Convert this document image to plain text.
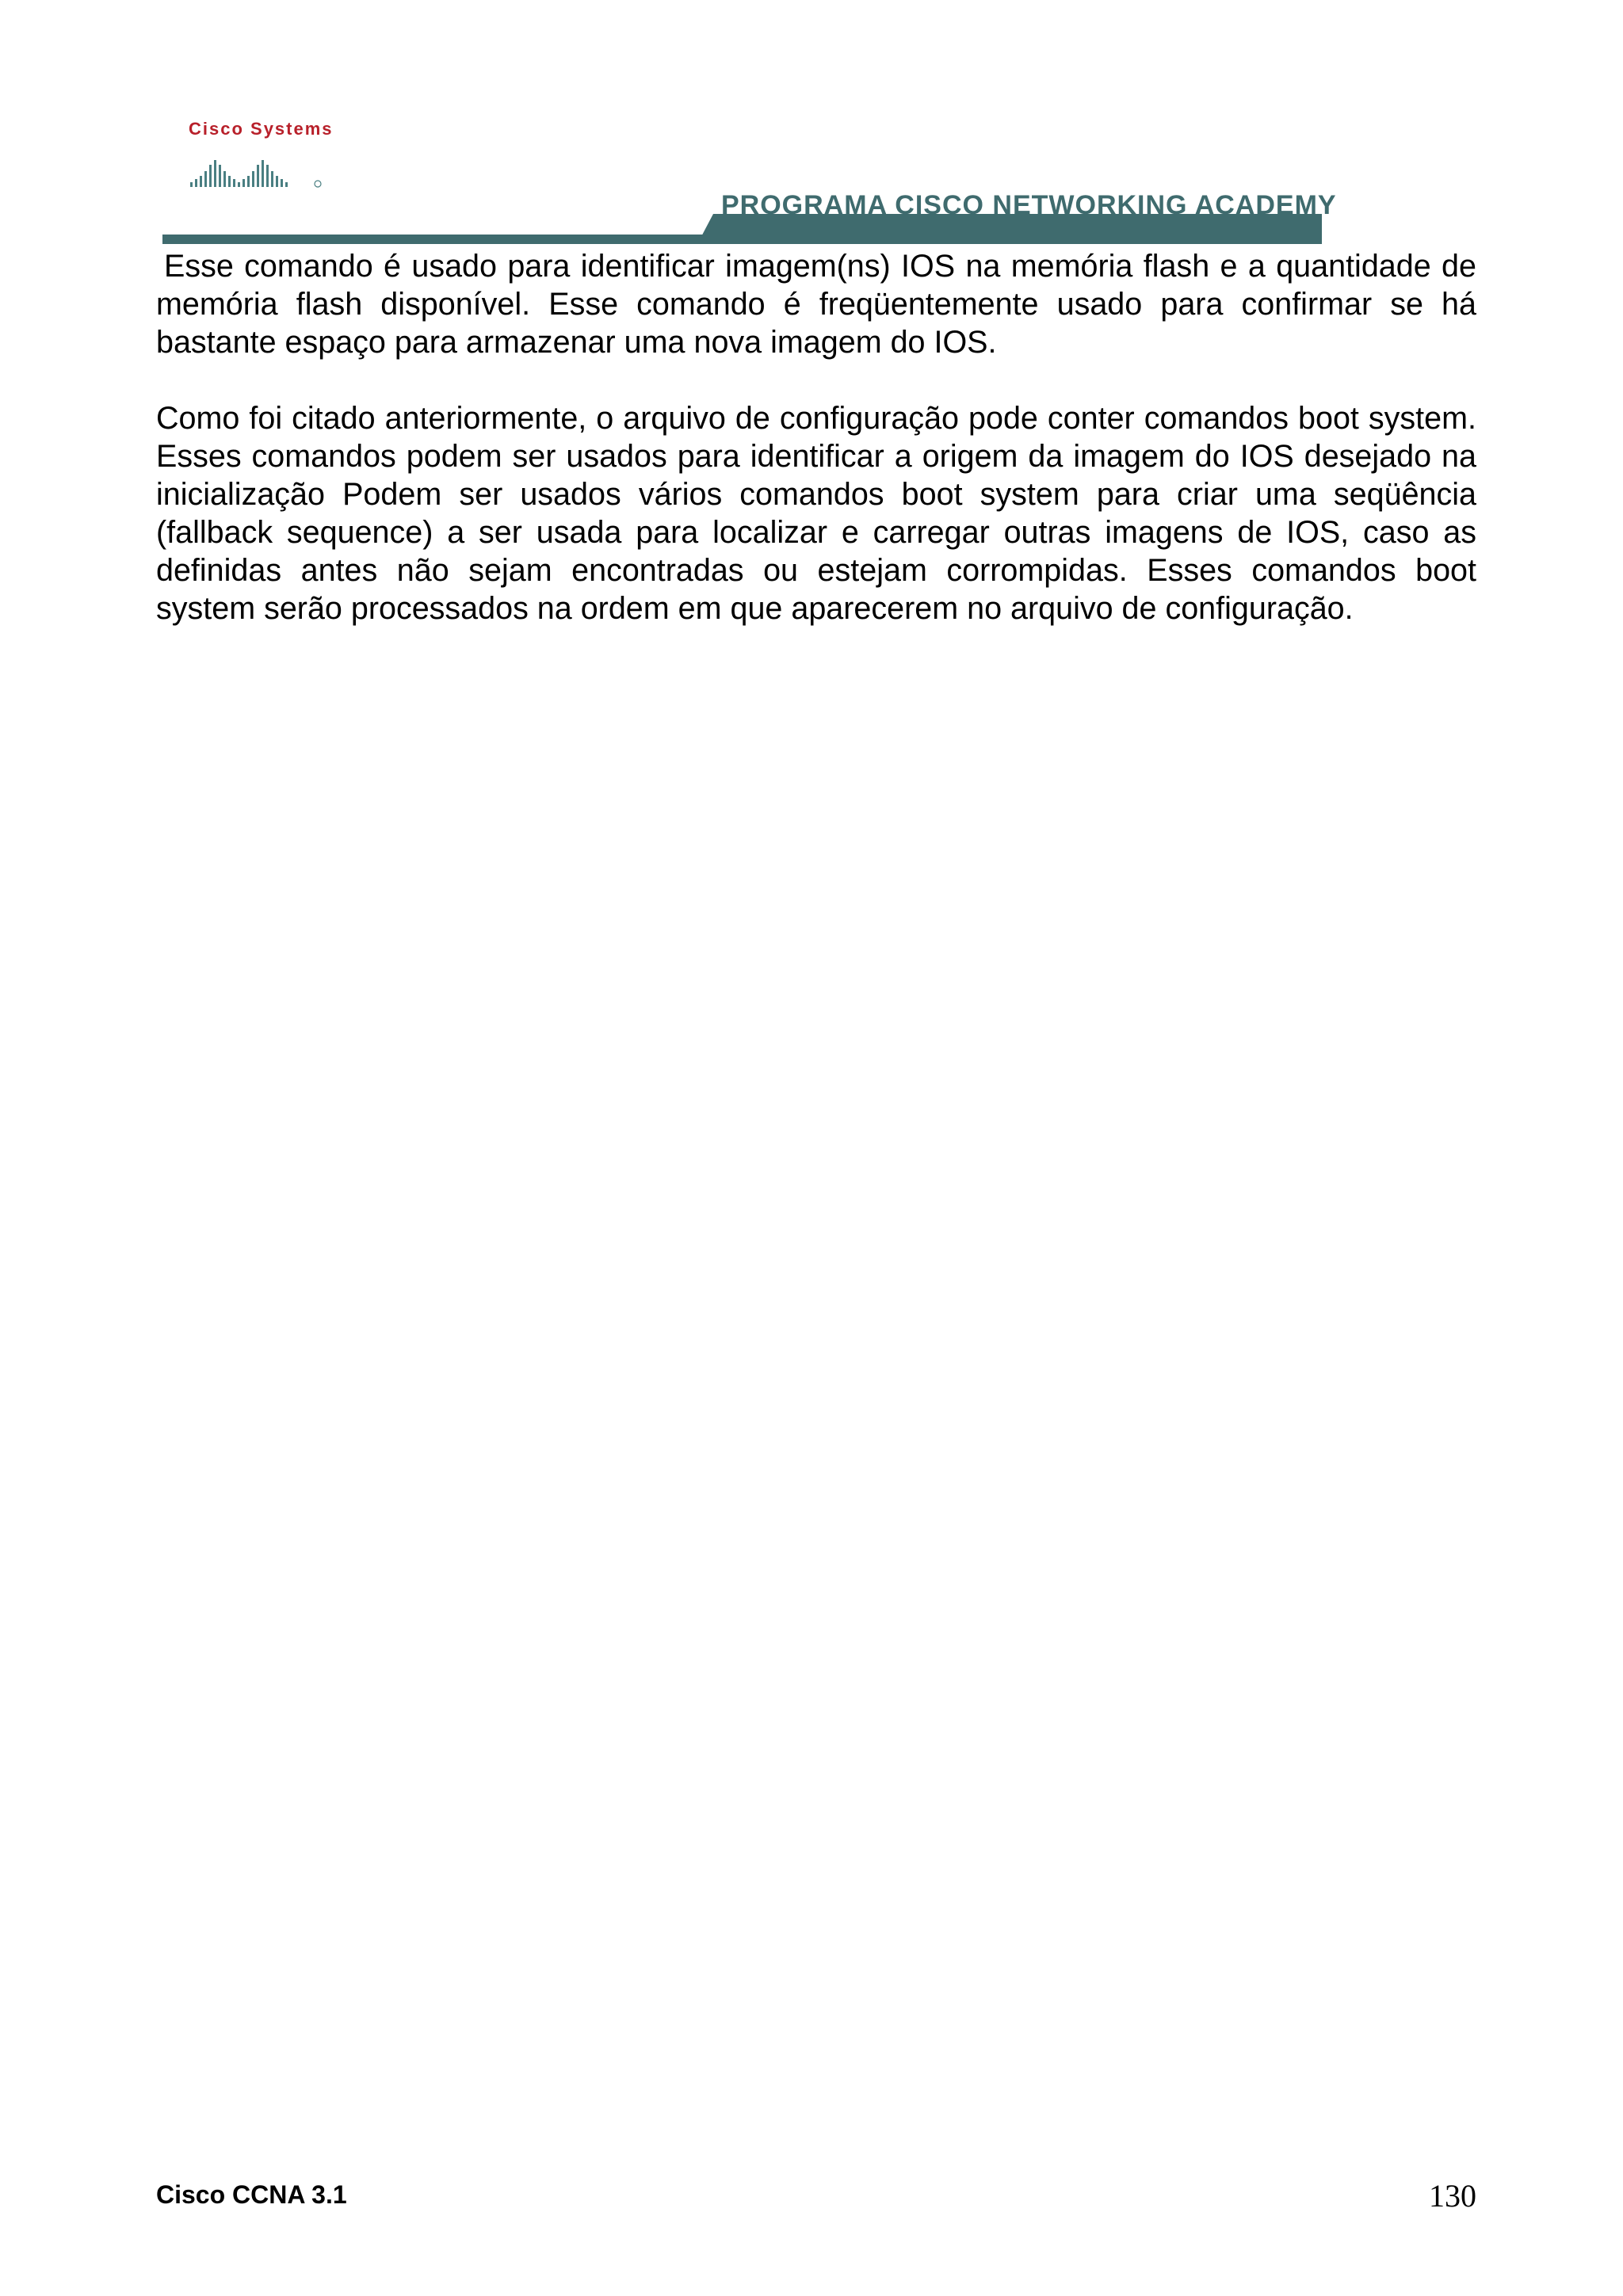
Cisco Systems
PROGRAMA CISCO NETWORKING ACADEMY

Esse comando é usado para identificar imagem(ns) IOS na memória flash e a quantidade de memória flash disponível. Esse comando é freqüentemente usado para confirmar se há bastante espaço para armazenar uma nova imagem do IOS.

Como foi citado anteriormente, o arquivo de configuração pode conter comandos boot system. Esses comandos podem ser usados para identificar a origem da imagem do IOS desejado na inicialização Podem ser usados vários comandos boot system para criar uma seqüência (fallback sequence) a ser usada para localizar e carregar outras imagens de IOS, caso as definidas antes não sejam encontradas ou estejam corrompidas. Esses comandos boot system serão processados na ordem em que aparecerem no arquivo de configuração.

Cisco CCNA 3.1	130
